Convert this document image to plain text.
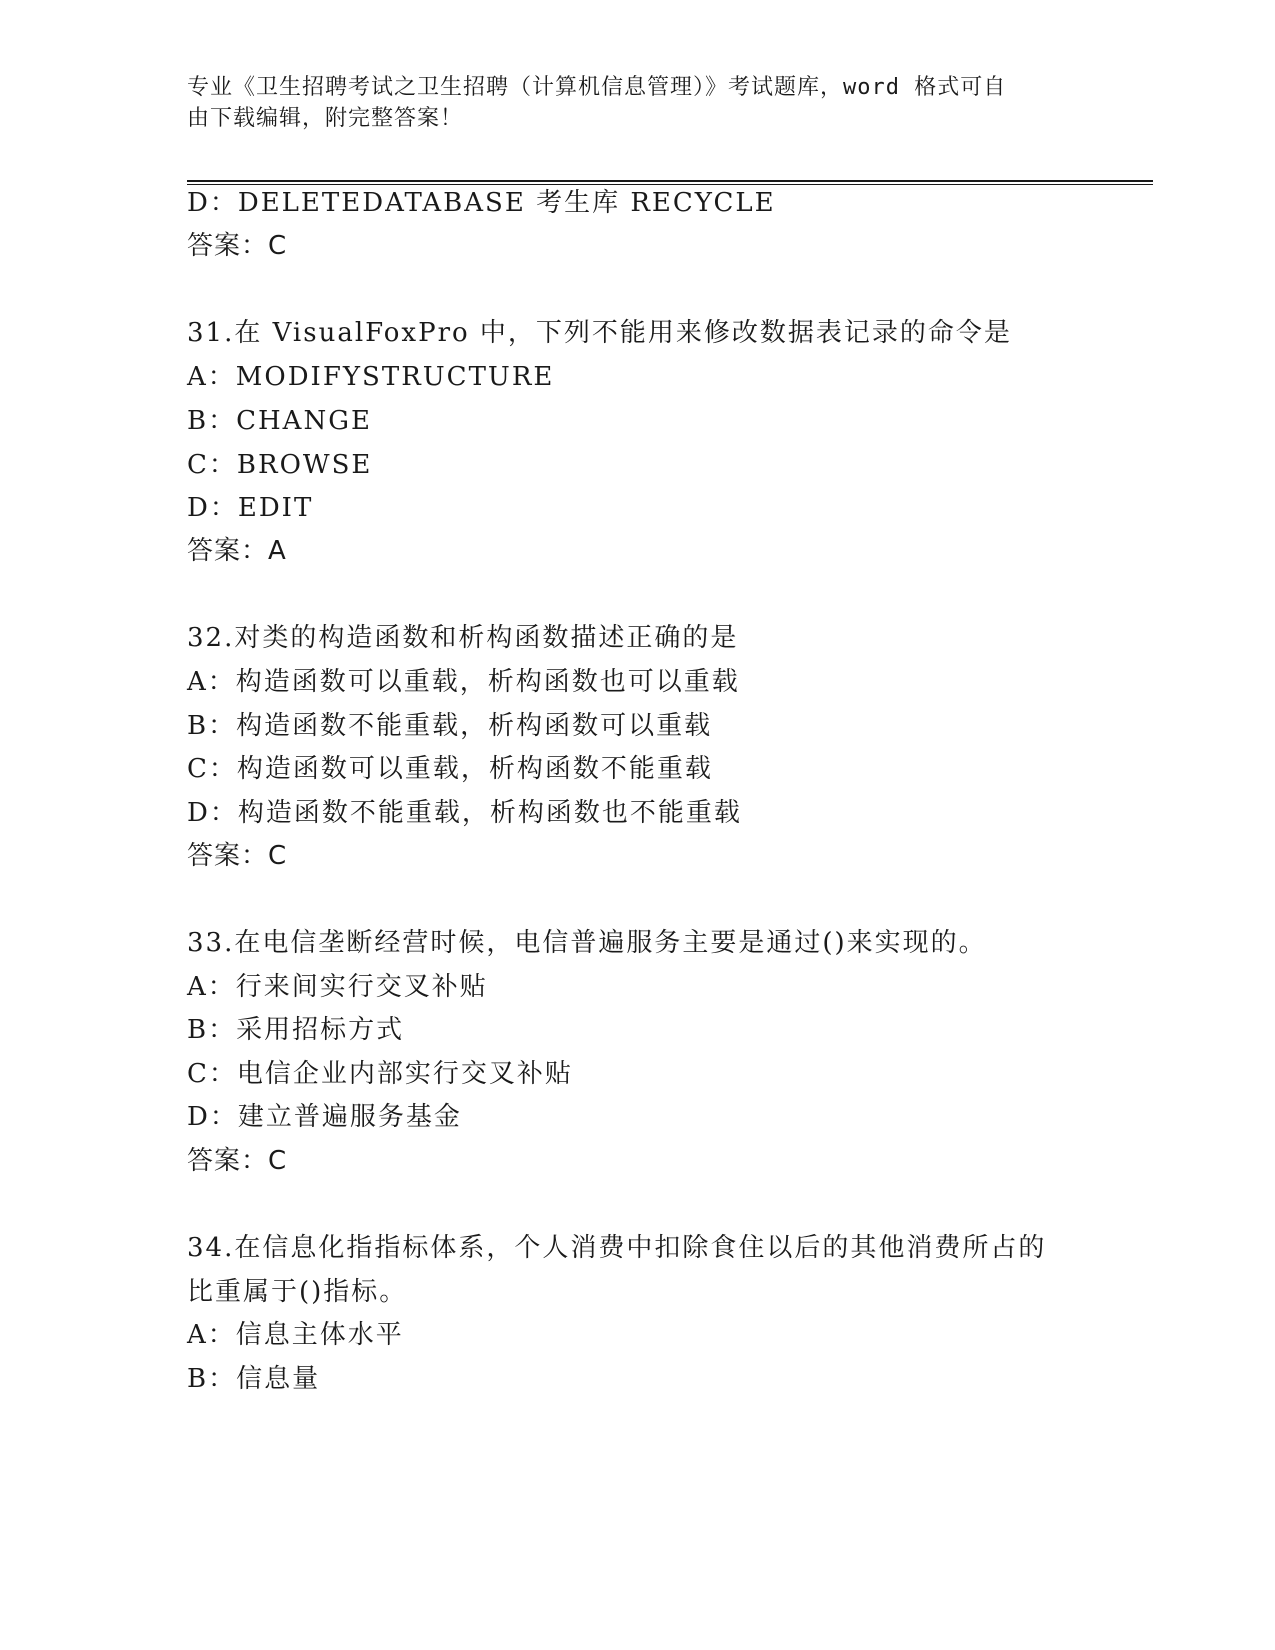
专业《卫生招聘考试之卫生招聘（计算机信息管理）》考试题库，word 格式可自
由下载编辑，附完整答案！
D：DELETEDATABASE 考生库 RECYCLE
答案：C
31.在 VisualFoxPro 中，下列不能用来修改数据表记录的命令是
A：MODIFYSTRUCTURE
B：CHANGE
C：BROWSE
D：EDIT
答案：A
32.对类的构造函数和析构函数描述正确的是
A：构造函数可以重载，析构函数也可以重载
B：构造函数不能重载，析构函数可以重载
C：构造函数可以重载，析构函数不能重载
D：构造函数不能重载，析构函数也不能重载
答案：C
33.在电信垄断经营时候，电信普遍服务主要是通过()来实现的。
A：行来间实行交叉补贴
B：采用招标方式
C：电信企业内部实行交叉补贴
D：建立普遍服务基金
答案：C
34.在信息化指指标体系，个人消费中扣除食住以后的其他消费所占的
比重属于()指标。
A：信息主体水平
B：信息量
